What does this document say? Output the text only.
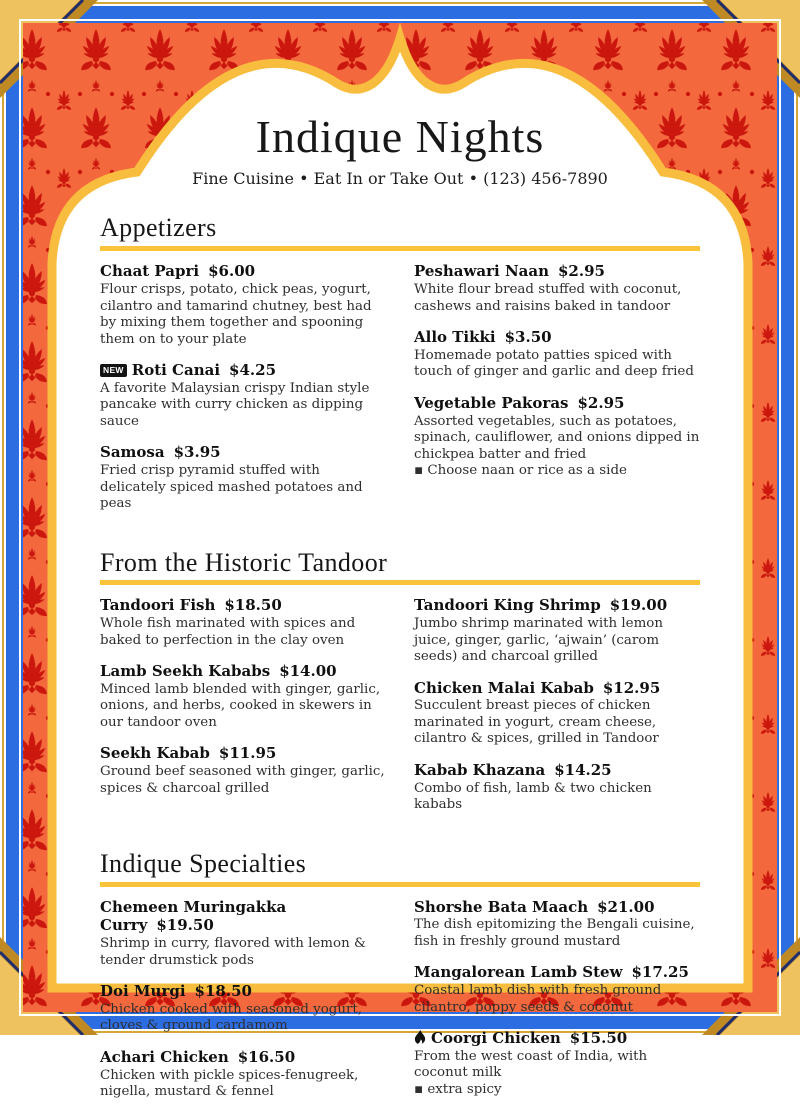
Indique Nights

Fine Cuisine • Eat In or Take Out • (123) 456-7890

Appetizers
Chaat Papri $6.00
Flour crisps, potato, chick peas, yogurt, cilantro and tamarind chutney, best had by mixing them together and spooning them on to your plate
NEW Roti Canai $4.25
A favorite Malaysian crispy Indian style pancake with curry chicken as dipping sauce
Samosa $3.95
Fried crisp pyramid stuffed with delicately spiced mashed potatoes and peas
Peshawari Naan $2.95
White flour bread stuffed with coconut, cashews and raisins baked in tandoor
Allo Tikki $3.50
Homemade potato patties spiced with touch of ginger and garlic and deep fried
Vegetable Pakoras $2.95
Assorted vegetables, such as potatoes, spinach, cauliflower, and onions dipped in chickpea batter and fried
▪ Choose naan or rice as a side
From the Historic Tandoor
Tandoori Fish $18.50
Whole fish marinated with spices and baked to perfection in the clay oven
Lamb Seekh Kababs $14.00
Minced lamb blended with ginger, garlic, onions, and herbs, cooked in skewers in our tandoor oven
Seekh Kabab $11.95
Ground beef seasoned with ginger, garlic, spices & charcoal grilled
Tandoori King Shrimp $19.00
Jumbo shrimp marinated with lemon juice, ginger, garlic, ‘ajwain’ (carom seeds) and charcoal grilled
Chicken Malai Kabab $12.95
Succulent breast pieces of chicken marinated in yogurt, cream cheese, cilantro & spices, grilled in Tandoor
Kabab Khazana $14.25
Combo of fish, lamb & two chicken kababs
Indique Specialties
Chemeen Muringakka Curry $19.50
Shrimp in curry, flavored with lemon & tender drumstick pods
Doi Murgi $18.50
Chicken cooked with seasoned yogurt, cloves & ground cardamom
Achari Chicken $16.50
Chicken with pickle spices-fenugreek, nigella, mustard & fennel
Shorshe Bata Maach $21.00
The dish epitomizing the Bengali cuisine, fish in freshly ground mustard
Mangalorean Lamb Stew $17.25
Coastal lamb dish with fresh ground cilantro, poppy seeds & coconut
Coorgi Chicken $15.50
From the west coast of India, with coconut milk
▪ extra spicy
